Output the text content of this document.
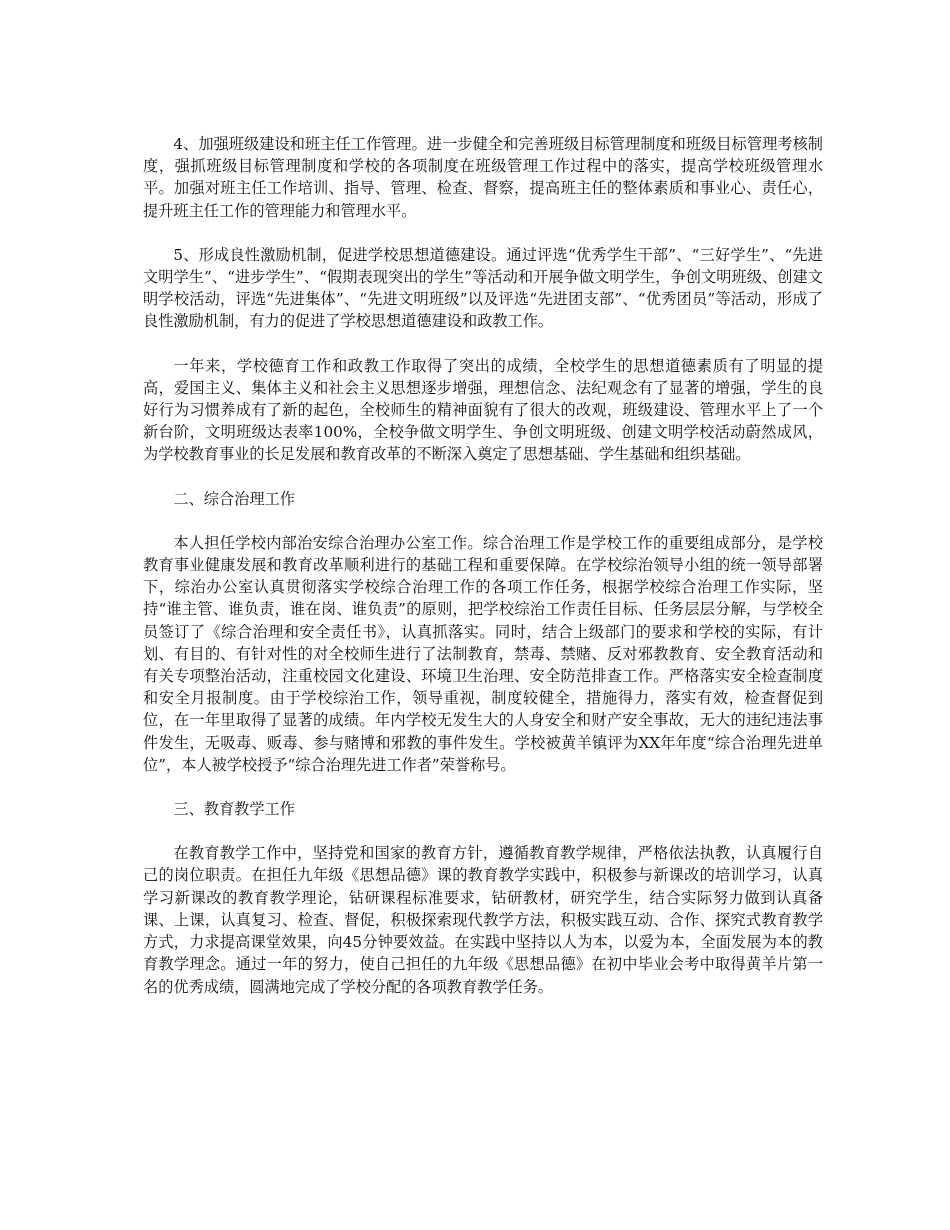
4、加强班级建设和班主任工作管理。进一步健全和完善班级目标管理制度和班级目标管理考核制度，强抓班级目标管理制度和学校的各项制度在班级管理工作过程中的落实，提高学校班级管理水平。加强对班主任工作培训、指导、管理、检查、督察，提高班主任的整体素质和事业心、责任心，提升班主任工作的管理能力和管理水平。

5、形成良性激励机制，促进学校思想道德建设。通过评选“优秀学生干部”、“三好学生”、“先进文明学生”、“进步学生”、“假期表现突出的学生”等活动和开展争做文明学生，争创文明班级、创建文明学校活动，评选“先进集体”、“先进文明班级”以及评选“先进团支部”、“优秀团员”等活动，形成了良性激励机制，有力的促进了学校思想道德建设和政教工作。

一年来，学校德育工作和政教工作取得了突出的成绩，全校学生的思想道德素质有了明显的提高，爱国主义、集体主义和社会主义思想逐步增强，理想信念、法纪观念有了显著的增强，学生的良好行为习惯养成有了新的起色，全校师生的精神面貌有了很大的改观，班级建设、管理水平上了一个新台阶，文明班级达表率100%，全校争做文明学生、争创文明班级、创建文明学校活动蔚然成风，为学校教育事业的长足发展和教育改革的不断深入奠定了思想基础、学生基础和组织基础。

二、综合治理工作

本人担任学校内部治安综合治理办公室工作。综合治理工作是学校工作的重要组成部分，是学校教育事业健康发展和教育改革顺利进行的基础工程和重要保障。在学校综治领导小组的统一领导部署下，综治办公室认真贯彻落实学校综合治理工作的各项工作任务，根据学校综合治理工作实际，坚持“谁主管、谁负责，谁在岗、谁负责”的原则，把学校综治工作责任目标、任务层层分解，与学校全员签订了《综合治理和安全责任书》，认真抓落实。同时，结合上级部门的要求和学校的实际，有计划、有目的、有针对性的对全校师生进行了法制教育，禁毒、禁赌、反对邪教教育、安全教育活动和有关专项整治活动，注重校园文化建设、环境卫生治理、安全防范排查工作。严格落实安全检查制度和安全月报制度。由于学校综治工作，领导重视，制度较健全，措施得力，落实有效，检查督促到位，在一年里取得了显著的成绩。年内学校无发生大的人身安全和财产安全事故，无大的违纪违法事件发生，无吸毒、贩毒、参与赌博和邪教的事件发生。学校被黄羊镇评为XX年年度“综合治理先进单位”，本人被学校授予“综合治理先进工作者”荣誉称号。

三、教育教学工作

在教育教学工作中，坚持党和国家的教育方针，遵循教育教学规律，严格依法执教，认真履行自己的岗位职责。在担任九年级《思想品德》课的教育教学实践中，积极参与新课改的培训学习，认真学习新课改的教育教学理论，钻研课程标准要求，钻研教材，研究学生，结合实际努力做到认真备课、上课，认真复习、检查、督促，积极探索现代教学方法，积极实践互动、合作、探究式教育教学方式，力求提高课堂效果，向45分钟要效益。在实践中坚持以人为本，以爱为本，全面发展为本的教育教学理念。通过一年的努力，使自己担任的九年级《思想品德》在初中毕业会考中取得黄羊片第一名的优秀成绩，圆满地完成了学校分配的各项教育教学任务。
